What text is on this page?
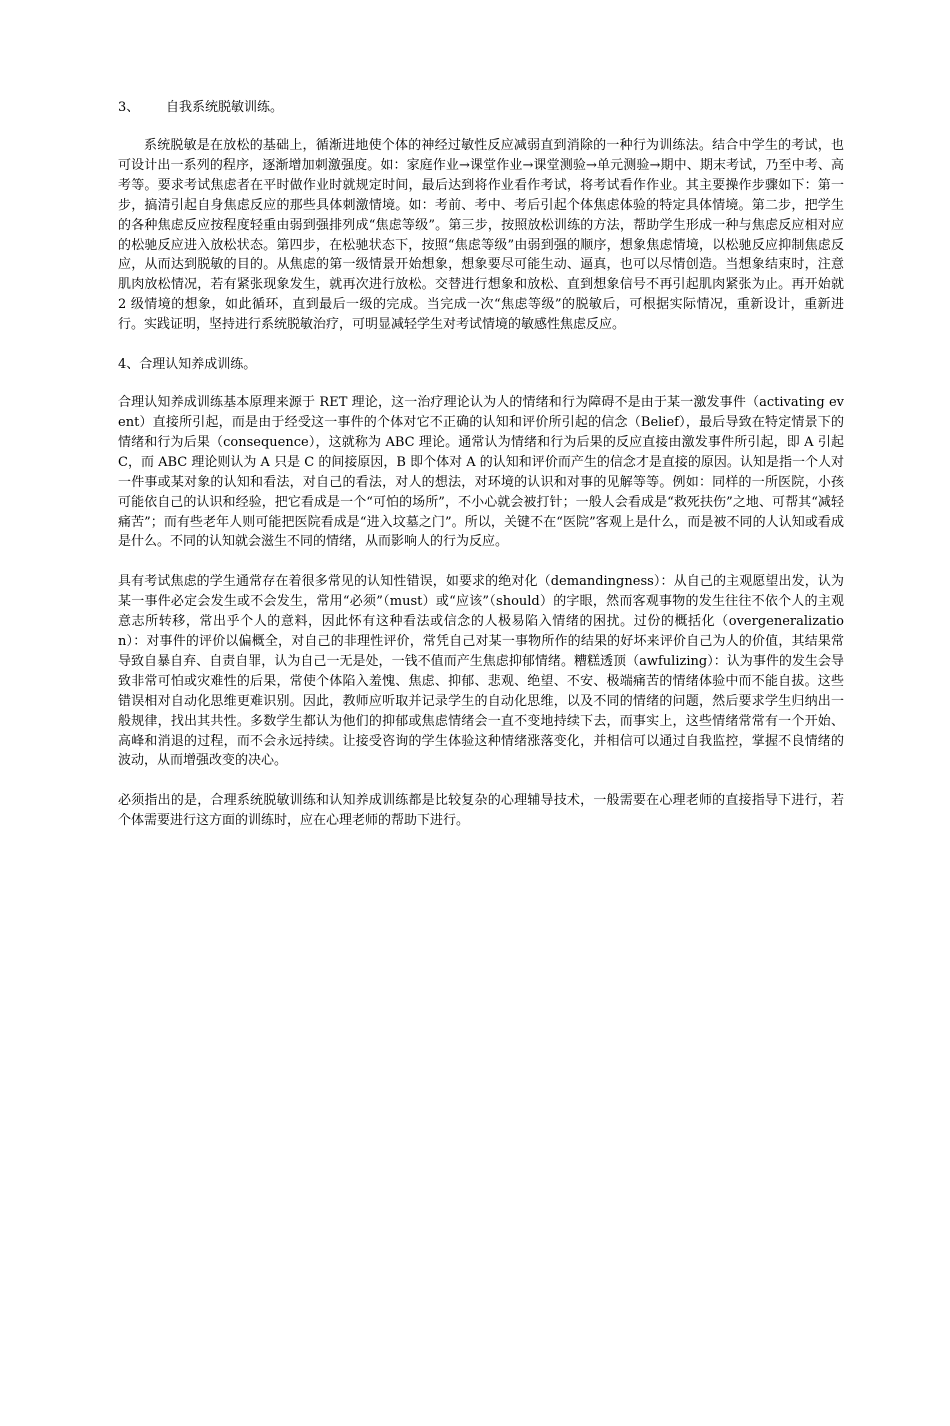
3、 自我系统脱敏训练。

系统脱敏是在放松的基础上，循渐进地使个体的神经过敏性反应减弱直到消除的一种行为训练法。结合中学生的考试，也可设计出一系列的程序，逐渐增加刺激强度。如：家庭作业→课堂作业→课堂测验→单元测验→期中、期末考试，乃至中考、高考等。要求考试焦虑者在平时做作业时就规定时间，最后达到将作业看作考试，将考试看作作业。其主要操作步骤如下：第一步，搞清引起自身焦虑反应的那些具体刺激情境。如：考前、考中、考后引起个体焦虑体验的特定具体情境。第二步，把学生的各种焦虑反应按程度轻重由弱到强排列成“焦虑等级”。第三步，按照放松训练的方法，帮助学生形成一种与焦虑反应相对应的松驰反应进入放松状态。第四步，在松驰状态下，按照“焦虑等级”由弱到强的顺序，想象焦虑情境，以松驰反应抑制焦虑反应，从而达到脱敏的目的。从焦虑的第一级情景开始想象，想象要尽可能生动、逼真，也可以尽情创造。当想象结束时，注意肌肉放松情况，若有紧张现象发生，就再次进行放松。交替进行想象和放松、直到想象信号不再引起肌肉紧张为止。再开始就 2 级情境的想象，如此循环，直到最后一级的完成。当完成一次“焦虑等级”的脱敏后，可根据实际情况，重新设计，重新进行。实践证明，坚持进行系统脱敏治疗，可明显减轻学生对考试情境的敏感性焦虑反应。

4、合理认知养成训练。

合理认知养成训练基本原理来源于 RET 理论，这一治疗理论认为人的情绪和行为障碍不是由于某一激发事件（activating event）直接所引起，而是由于经受这一事件的个体对它不正确的认知和评价所引起的信念（Belief），最后导致在特定情景下的情绪和行为后果（consequence），这就称为 ABC 理论。通常认为情绪和行为后果的反应直接由激发事件所引起，即 A 引起 C，而 ABC 理论则认为 A 只是 C 的间接原因，B 即个体对 A 的认知和评价而产生的信念才是直接的原因。认知是指一个人对一件事或某对象的认知和看法，对自己的看法，对人的想法，对环境的认识和对事的见解等等。例如：同样的一所医院，小孩可能依自己的认识和经验，把它看成是一个“可怕的场所”，不小心就会被打针；一般人会看成是“救死扶伤”之地、可帮其“减轻痛苦”；而有些老年人则可能把医院看成是“进入坟墓之门”。所以，关键不在“医院”客观上是什么，而是被不同的人认知或看成是什么。不同的认知就会滋生不同的情绪，从而影响人的行为反应。

具有考试焦虑的学生通常存在着很多常见的认知性错误，如要求的绝对化（demandingness）：从自己的主观愿望出发，认为某一事件必定会发生或不会发生，常用“必须”（must）或“应该”（should）的字眼，然而客观事物的发生往往不依个人的主观意志所转移，常出乎个人的意料，因此怀有这种看法或信念的人极易陷入情绪的困扰。过份的概括化（overgeneralization）：对事件的评价以偏概全，对自己的非理性评价，常凭自己对某一事物所作的结果的好坏来评价自己为人的价值，其结果常导致自暴自弃、自责自罪，认为自己一无是处，一钱不值而产生焦虑抑郁情绪。糟糕透顶（awfulizing）：认为事件的发生会导致非常可怕或灾难性的后果，常使个体陷入羞愧、焦虑、抑郁、悲观、绝望、不安、极端痛苦的情绪体验中而不能自拔。这些错误相对自动化思维更难识别。因此，教师应听取并记录学生的自动化思维，以及不同的情绪的问题，然后要求学生归纳出一般规律，找出其共性。多数学生都认为他们的抑郁或焦虑情绪会一直不变地持续下去，而事实上，这些情绪常常有一个开始、高峰和消退的过程，而不会永远持续。让接受咨询的学生体验这种情绪涨落变化，并相信可以通过自我监控，掌握不良情绪的波动，从而增强改变的决心。

必须指出的是，合理系统脱敏训练和认知养成训练都是比较复杂的心理辅导技术，一般需要在心理老师的直接指导下进行，若个体需要进行这方面的训练时，应在心理老师的帮助下进行。
